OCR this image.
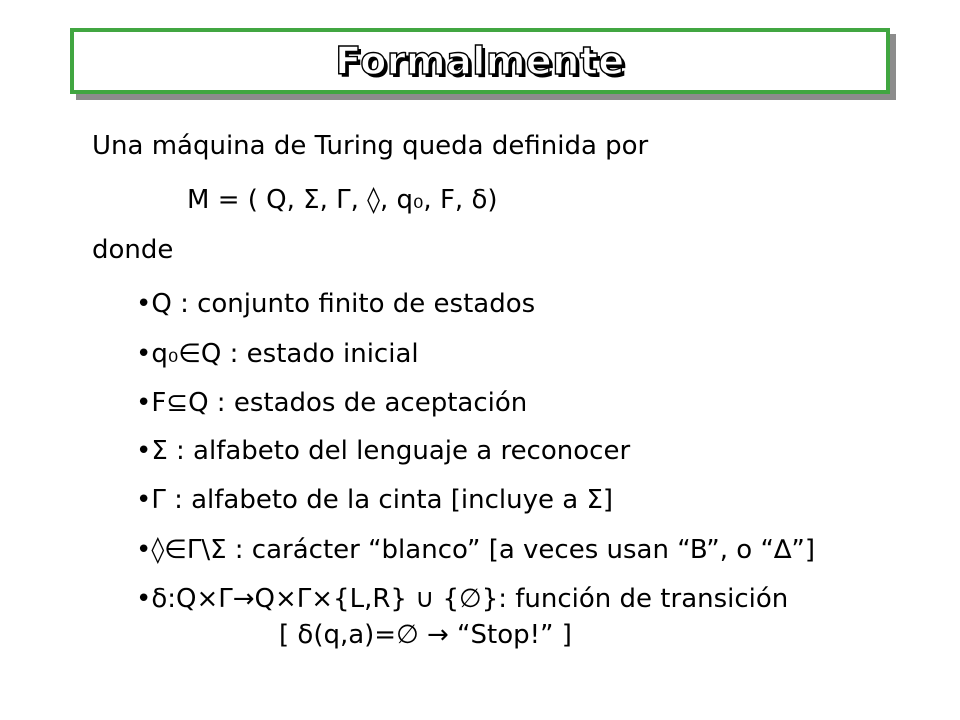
Formalmente
Una máquina de Turing queda definida por
M = ( Q, Σ, Γ, ◊, q₀, F, δ)
donde
•Q : conjunto finito de estados
•q₀∈Q : estado inicial
•F⊆Q : estados de aceptación
•Σ : alfabeto del lenguaje a reconocer
•Γ : alfabeto de la cinta [incluye a Σ]
•◊∈Γ\Σ : carácter “blanco” [a veces usan “B”, o “∆”]
•δ:Q×Γ→Q×Γ×{L,R} ∪ {∅}: función de transición
[ δ(q,a)=∅ → “Stop!” ]
